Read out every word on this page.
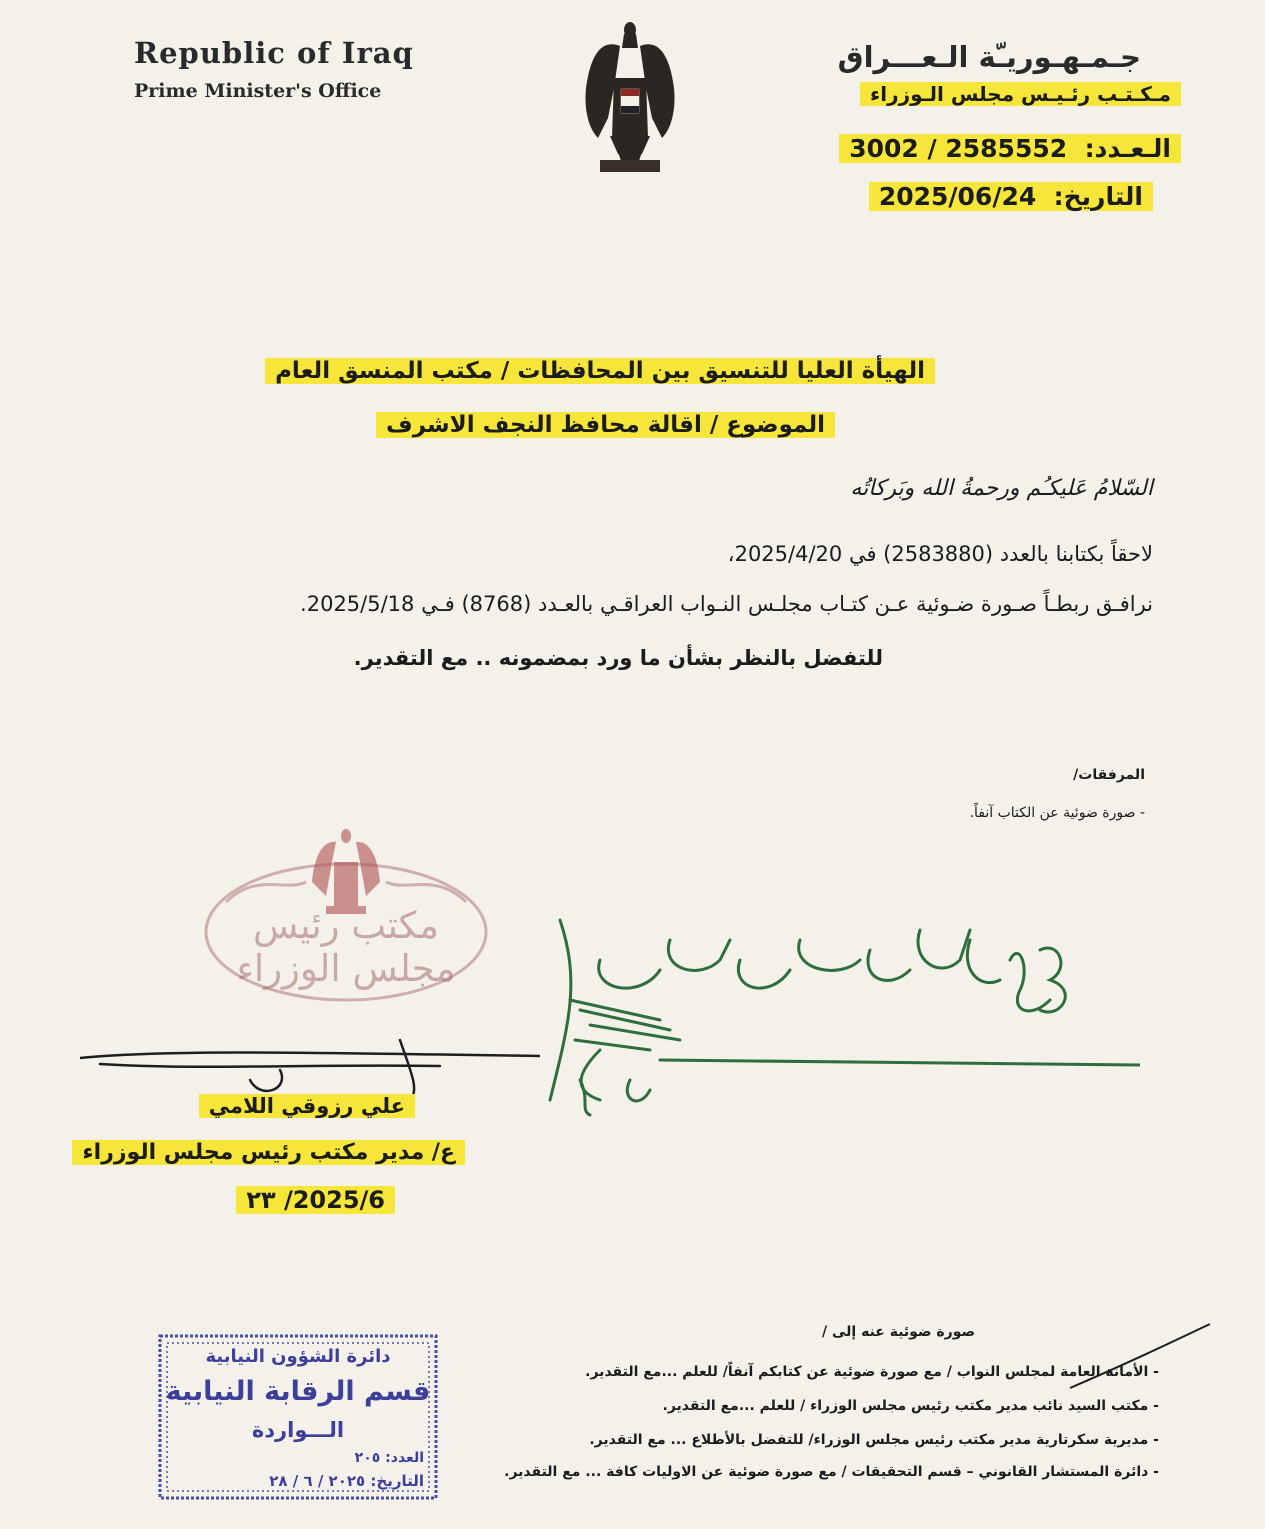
Republic of Iraq
Prime Minister's Office
جـمـهـوريـّة الـعـــراق
مـكـتـب رئـيـس مجلس الـوزراء
الـعـدد:  2585552 / 3002
التاريخ:  2025/06/24
الهيأة العليا للتنسيق بين المحافظات / مكتب المنسق العام
الموضوع / اقالة محافظ النجف الاشرف
السّلامُ عَليكـُم ورحمةُ الله وبَركاتُه
لاحقاً بكتابنا بالعدد (2583880) في 2025/4/20،
نرافـق ربطـاً صـورة ضـوئية عـن كتـاب مجلـس النـواب العراقـي بالعـدد (8768) فـي 2025/5/18.
للتفضل بالنظر بشأن ما ورد بمضمونه .. مع التقدير.
المرفقات/
- صورة ضوئية عن الكتاب آنفاً.
مكتب رئيس مجلس الوزراء
علي رزوقي اللامي
ع/ مدير مكتب رئيس مجلس الوزراء
2025/6/ ٢٣
صورة ضوئية عنه إلى /
- الأمانة العامة لمجلس النواب / مع صورة ضوئية عن كتابكم آنفاً/ للعلم ...مع التقدير.
- مكتب السيد نائب مدير مكتب رئيس مجلس الوزراء / للعلم ...مع التقدير.
- مديرية سكرتارية مدير مكتب رئيس مجلس الوزراء/ للتفضل بالأطلاع ... مع التقدير.
- دائرة المستشار القانوني – قسم التحقيقات / مع صورة ضوئية عن الاوليات كافة ... مع التقدير.
دائرة الشؤون النيابية
قسم الرقابة النيابية
الـــواردة
العدد: ٢٠٥
التاريخ: ٢٠٢٥ / ٦ / ٢٨
